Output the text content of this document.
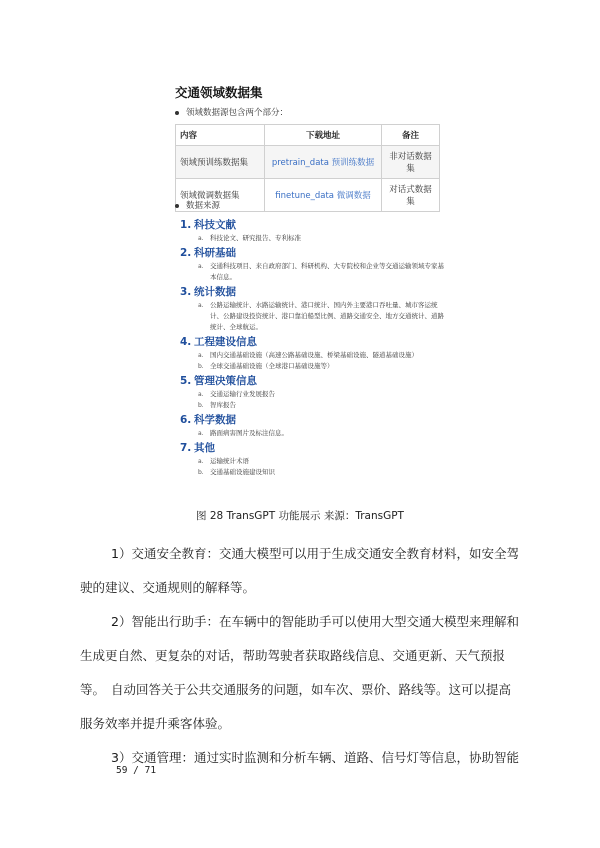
交通领域数据集
领域数据源包含两个部分：
内容	下载地址	备注
领域预训练数据集	pretrain_data 预训练数据	非对话数据集
领域微调数据集	finetune_data 微调数据	对话式数据集
数据来源
1. 科技文献
a. 科技论文、研究报告、专利标准
2. 科研基础
a. 交通科技项目、来自政府部门、科研机构、大专院校和企业等交通运输领域专家基本信息。
3. 统计数据
a. 公路运输统计、水路运输统计、港口统计、国内外主要港口吞吐量、城市客运统计、公路建设投资统计、港口靠泊船型比例、道路交通安全、地方交通统计、道路统计、全球航运。
4. 工程建设信息
a. 国内交通基础设施（高速公路基础设施、桥梁基础设施、隧道基础设施）
b. 全球交通基础设施（全球港口基础设施等）
5. 管理决策信息
a. 交通运输行业发展报告
b. 智库报告
6. 科学数据
a. 路面病害图片及标注信息。
7. 其他
a. 运输统计术语
b. 交通基础设施建设知识
图 28 TransGPT 功能展示 来源：TransGPT

1）交通安全教育：交通大模型可以用于生成交通安全教育材料，如安全驾驶的建议、交通规则的解释等。

2）智能出行助手：在车辆中的智能助手可以使用大型交通大模型来理解和生成更自然、更复杂的对话，帮助驾驶者获取路线信息、交通更新、天气预报等。 自动回答关于公共交通服务的问题，如车次、票价、路线等。这可以提高服务效率并提升乘客体验。

3）交通管理：通过实时监测和分析车辆、道路、信号灯等信息，协助智能

59 / 71
